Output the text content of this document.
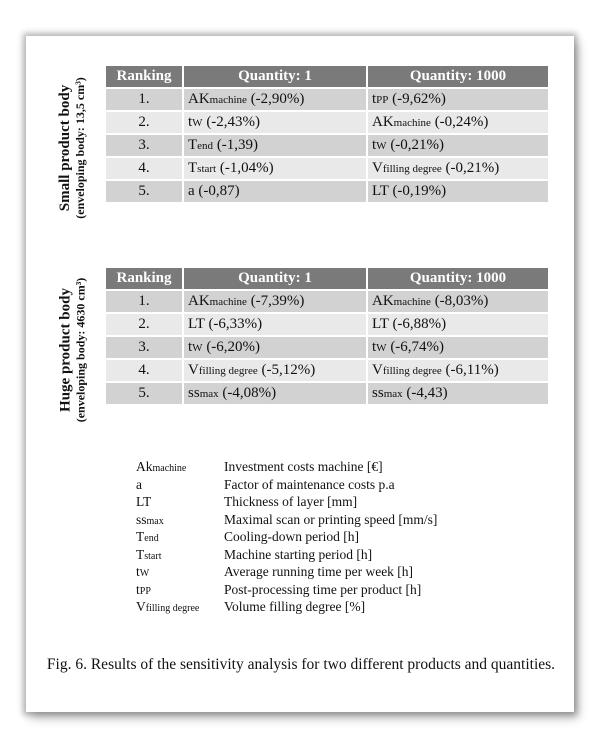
Small product body (enveloping body: 13,5 cm³)
Ranking	Quantity: 1	Quantity: 1000
1.	AKmachine (-2,90%)	tPP (-9,62%)
2.	tW (-2,43%)	AKmachine (-0,24%)
3.	Tend (-1,39)	tW (-0,21%)
4.	Tstart (-1,04%)	Vfilling degree (-0,21%)
5.	a (-0,87)	LT (-0,19%)
Huge product body (enveloping body: 4630 cm³) Ranking	Quantity: 1	Quantity: 1000
1.	AKmachine (-7,39%)	AKmachine (-8,03%)
2.	LT (-6,33%)	LT (-6,88%)
3.	tW (-6,20%)	tW (-6,74%)
4.	Vfilling degree (-5,12%)	Vfilling degree (-6,11%)
5.	ssmax (-4,08%)	ssmax (-4,43)
Akmachine	Investment costs machine [€]
a	Factor of maintenance costs p.a
LT	Thickness of layer [mm]
ssmax	Maximal scan or printing speed [mm/s]
Tend	Cooling-down period [h]
Tstart	Machine starting period [h]
tW	Average running time per week [h]
tPP	Post-processing time per product [h]
Vfilling degree	Volume filling degree [%]
Fig. 6. Results of the sensitivity analysis for two different products and quantities.
